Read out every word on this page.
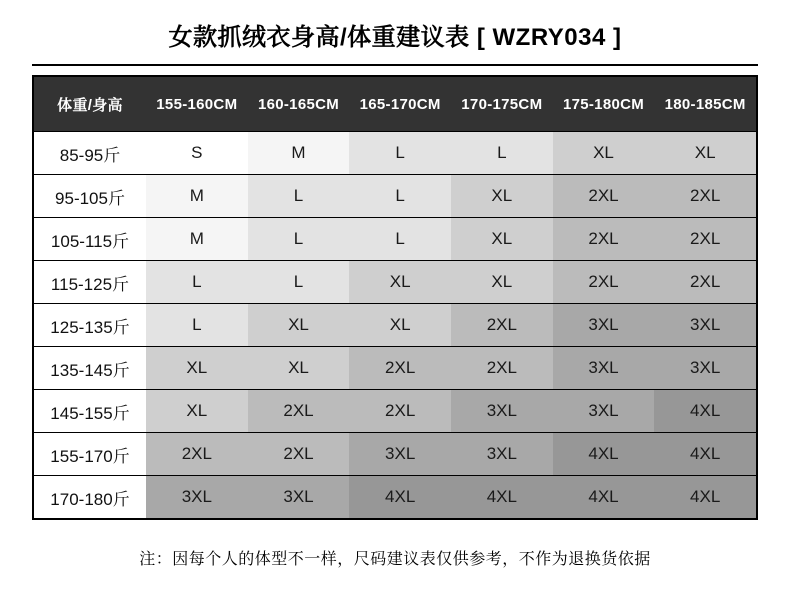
女款抓绒衣身高/体重建议表 [ WZRY034 ]
体重/身高	155-160CM	160-165CM	165-170CM	170-175CM	175-180CM	180-185CM
85-95斤	S	M	L	L	XL	XL
95-105斤	M	L	L	XL	2XL	2XL
105-115斤	M	L	L	XL	2XL	2XL
115-125斤	L	L	XL	XL	2XL	2XL
125-135斤	L	XL	XL	2XL	3XL	3XL
135-145斤	XL	XL	2XL	2XL	3XL	3XL
145-155斤	XL	2XL	2XL	3XL	3XL	4XL
155-170斤	2XL	2XL	3XL	3XL	4XL	4XL
170-180斤	3XL	3XL	4XL	4XL	4XL	4XL

注：因每个人的体型不一样，尺码建议表仅供参考，不作为退换货依据
